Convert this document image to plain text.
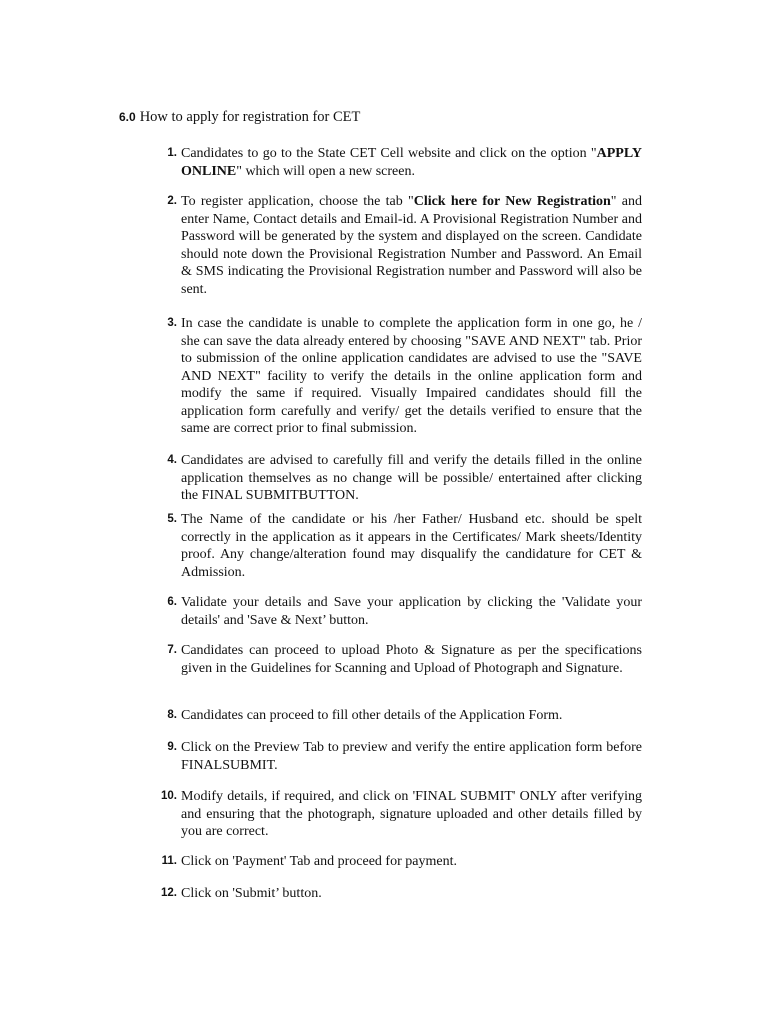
6.0 How to apply for registration for CET
1. Candidates to go to the State CET Cell website and click on the option "APPLY ONLINE" which will open a new screen.
2. To register application, choose the tab "Click here for New Registration" and enter Name, Contact details and Email-id. A Provisional Registration Number and Password will be generated by the system and displayed on the screen. Candidate should note down the Provisional Registration Number and Password. An Email & SMS indicating the Provisional Registration number and Password will also be sent.
3. In case the candidate is unable to complete the application form in one go, he / she can save the data already entered by choosing "SAVE AND NEXT" tab. Prior to submission of the online application candidates are advised to use the "SAVE AND NEXT" facility to verify the details in the online application form and modify the same if required. Visually Impaired candidates should fill the application form carefully and verify/ get the details verified to ensure that the same are correct prior to final submission.
4. Candidates are advised to carefully fill and verify the details filled in the online application themselves as no change will be possible/ entertained after clicking the FINAL SUBMITBUTTON.
5. The Name of the candidate or his /her Father/ Husband etc. should be spelt correctly in the application as it appears in the Certificates/ Mark sheets/Identity proof. Any change/alteration found may disqualify the candidature for CET & Admission.
6. Validate your details and Save your application by clicking the 'Validate your details' and 'Save & Next’ button.
7. Candidates can proceed to upload Photo & Signature as per the specifications given in the Guidelines for Scanning and Upload of Photograph and Signature.
8. Candidates can proceed to fill other details of the Application Form.
9. Click on the Preview Tab to preview and verify the entire application form before FINALSUBMIT.
10. Modify details, if required, and click on 'FINAL SUBMIT' ONLY after verifying and ensuring that the photograph, signature uploaded and other details filled by you are correct.
11. Click on 'Payment' Tab and proceed for payment.
12. Click on 'Submit’ button.
